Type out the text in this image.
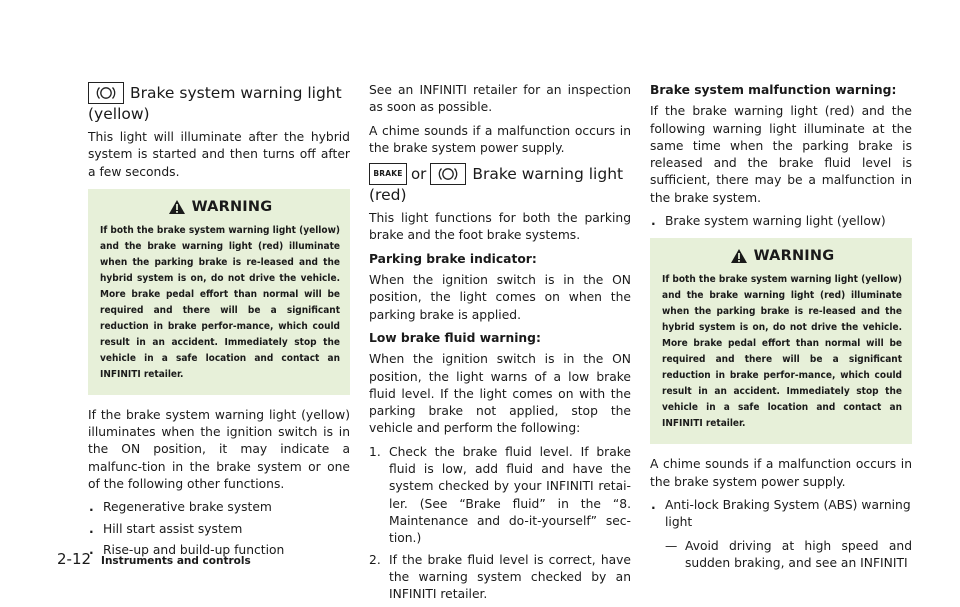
Brake system warning light
(yellow)

This light will illuminate after the hybrid system is started and then turns off after a few seconds.

WARNING

If both the brake system warning light (yellow) and the brake warning light (red) illuminate when the parking brake is re-leased and the hybrid system is on, do not drive the vehicle. More brake pedal effort than normal will be required and there will be a significant reduction in brake perfor-mance, which could result in an accident. Immediately stop the vehicle in a safe location and contact an INFINITI retailer.

If the brake system warning light (yellow) illuminates when the ignition switch is in the ON position, it may indicate a malfunc-tion in the brake system or one of the following other functions.

. Regenerative brake system
. Hill start assist system
. Rise-up and build-up function

See an INFINITI retailer for an inspection as soon as possible.

A chime sounds if a malfunction occurs in the brake system power supply.

BRAKE or	Brake warning light
(red)

This light functions for both the parking brake and the foot brake systems.

Parking brake indicator:

When the ignition switch is in the ON position, the light comes on when the parking brake is applied.

Low brake fluid warning:

When the ignition switch is in the ON position, the light warns of a low brake fluid level. If the light comes on with the parking brake not applied, stop the vehicle and perform the following:

1. Check the brake fluid level. If brake fluid is low, add fluid and have the system checked by your INFINITI retai-ler. (See “Brake fluid” in the “8. Maintenance and do-it-yourself” sec-tion.)
2. If the brake fluid level is correct, have the warning system checked by an INFINITI retailer.

Brake system malfunction warning:

If the brake warning light (red) and the following warning light illuminate at the same time when the parking brake is released and the brake fluid level is sufficient, there may be a malfunction in the brake system.

. Brake system warning light (yellow)
WARNING

If both the brake system warning light (yellow) and the brake warning light (red) illuminate when the parking brake is re-leased and the hybrid system is on, do not drive the vehicle. More brake pedal effort than normal will be required and there will be a significant reduction in brake perfor-mance, which could result in an accident. Immediately stop the vehicle in a safe location and contact an INFINITI retailer.

A chime sounds if a malfunction occurs in the brake system power supply.

. Anti-lock Braking System (ABS) warning light
— Avoid driving at high speed and sudden braking, and see an INFINITI
2-12 Instruments and controls
